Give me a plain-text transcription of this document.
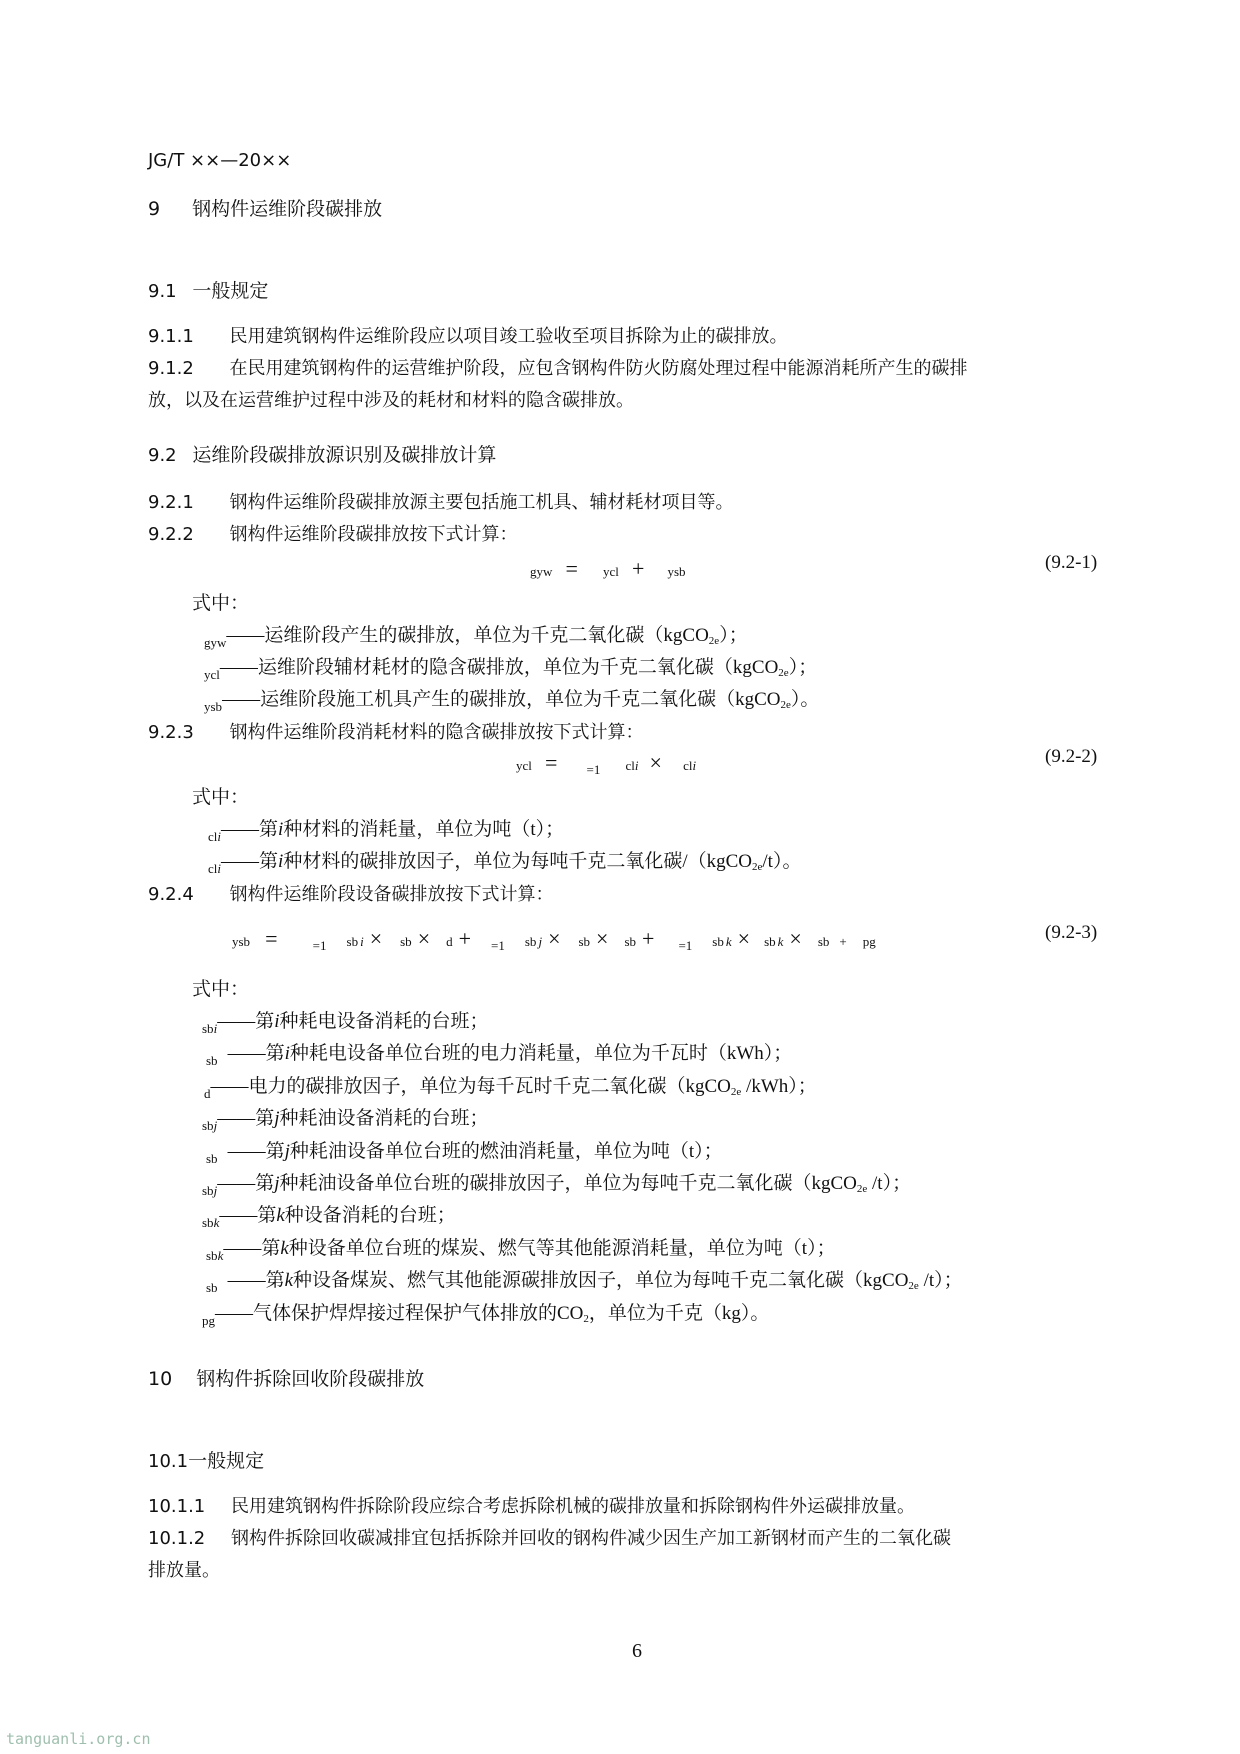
JG/T ××—20××
9 钢构件运维阶段碳排放
9.1 一般规定
9.1.1 民用建筑钢构件运维阶段应以项目竣工验收至项目拆除为止的碳排放。
9.1.2 在民用建筑钢构件的运营维护阶段，应包含钢构件防火防腐处理过程中能源消耗所产生的碳排
放，以及在运营维护过程中涉及的耗材和材料的隐含碳排放。
9.2 运维阶段碳排放源识别及碳排放计算
9.2.1 钢构件运维阶段碳排放源主要包括施工机具、辅材耗材项目等。
9.2.2 钢构件运维阶段碳排放按下式计算：
gyw = ycl + ysb	(9.2-1)
式中：
$_{gyw}$——运维阶段产生的碳排放，单位为千克二氧化碳（kgCO2e）；
$_{ycl}$——运维阶段辅材耗材的隐含碳排放，单位为千克二氧化碳（kgCO2e）；
$_{ysb}$——运维阶段施工机具产生的碳排放，单位为千克二氧化碳（kgCO2e）。
9.2.3 钢构件运维阶段消耗材料的隐含碳排放按下式计算：
ycl = =1 cli × cli	(9.2-2)
式中：
$_{cli}$——第i种材料的消耗量，单位为吨（t）；
$_{cli}$——第i种材料的碳排放因子，单位为每吨千克二氧化碳/（kgCO2e/t）。
9.2.4 钢构件运维阶段设备碳排放按下式计算：
ysb =	=1 sb i × sb × d + =1 sb j × sb × sb + =1 sb k × sb k × sb + pg	(9.2-3)
式中：
$_{sbi}$——第i种耗电设备消耗的台班；
$_{sb}$ ——第i种耗电设备单位台班的电力消耗量，单位为千瓦时（kWh）；
$_d$——电力的碳排放因子，单位为每千瓦时千克二氧化碳（kgCO2e /kWh）；
$_{sbj}$——第j种耗油设备消耗的台班；
$_{sb}$ ——第j种耗油设备单位台班的燃油消耗量，单位为吨（t）；
$_{sbj}$——第j种耗油设备单位台班的碳排放因子，单位为每吨千克二氧化碳（kgCO2e /t）；
$_{sbk}$——第k种设备消耗的台班；
$_{sbk}$——第k种设备单位台班的煤炭、燃气等其他能源消耗量，单位为吨（t）；
$_{sb}$ ——第k种设备煤炭、燃气其他能源碳排放因子，单位为每吨千克二氧化碳（kgCO2e /t）；
$_{pg}$——气体保护焊焊接过程保护气体排放的CO2，单位为千克（kg）。
10 钢构件拆除回收阶段碳排放
10.1一般规定
10.1.1 民用建筑钢构件拆除阶段应综合考虑拆除机械的碳排放量和拆除钢构件外运碳排放量。
10.1.2 钢构件拆除回收碳减排宜包括拆除并回收的钢构件减少因生产加工新钢材而产生的二氧化碳
排放量。
6
tanguanli.org.cn
